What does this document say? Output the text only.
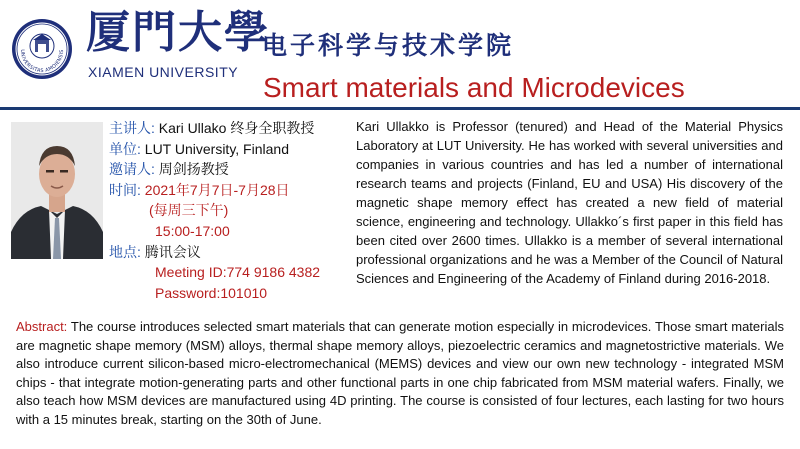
UNIVERSITAS AMOIENSIS 厦門大學
XIAMEN UNIVERSITY
电子科学与技术学院
Smart materials and Microdevices
主讲人: Kari Ullako 终身全职教授
单位: LUT University, Finland
邀请人: 周剑扬教授
时间: 2021年7月7日-7月28日
(每周三下午)
15:00-17:00
地点: 腾讯会议
Meeting ID:774 9186 4382
Password:101010
Kari Ullakko is Professor (tenured) and Head of the Material Physics Laboratory at LUT University. He has worked with several universities and companies in various countries and has led a number of international research teams and projects (Finland, EU and USA) His discovery of the magnetic shape memory effect has created a new field of material science, engineering and technology. Ullakko´s first paper in this field has been cited over 2600 times. Ullakko is a member of several international professional organizations and he was a Member of the Council of Natural Sciences and Engineering of the Academy of Finland during 2016-2018.
Abstract: The course introduces selected smart materials that can generate motion especially in microdevices. Those smart materials are magnetic shape memory (MSM) alloys, thermal shape memory alloys, piezoelectric ceramics and magnetostrictive materials. We also introduce current silicon-based micro-electromechanical (MEMS) devices and view our own new technology - integrated MSM chips - that integrate motion-generating parts and other functional parts in one chip fabricated from MSM material wafers. Finally, we also teach how MSM devices are manufactured using 4D printing. The course is consisted of four lectures, each lasting for two hours with a 15 minutes break, starting on the 30th of June.
